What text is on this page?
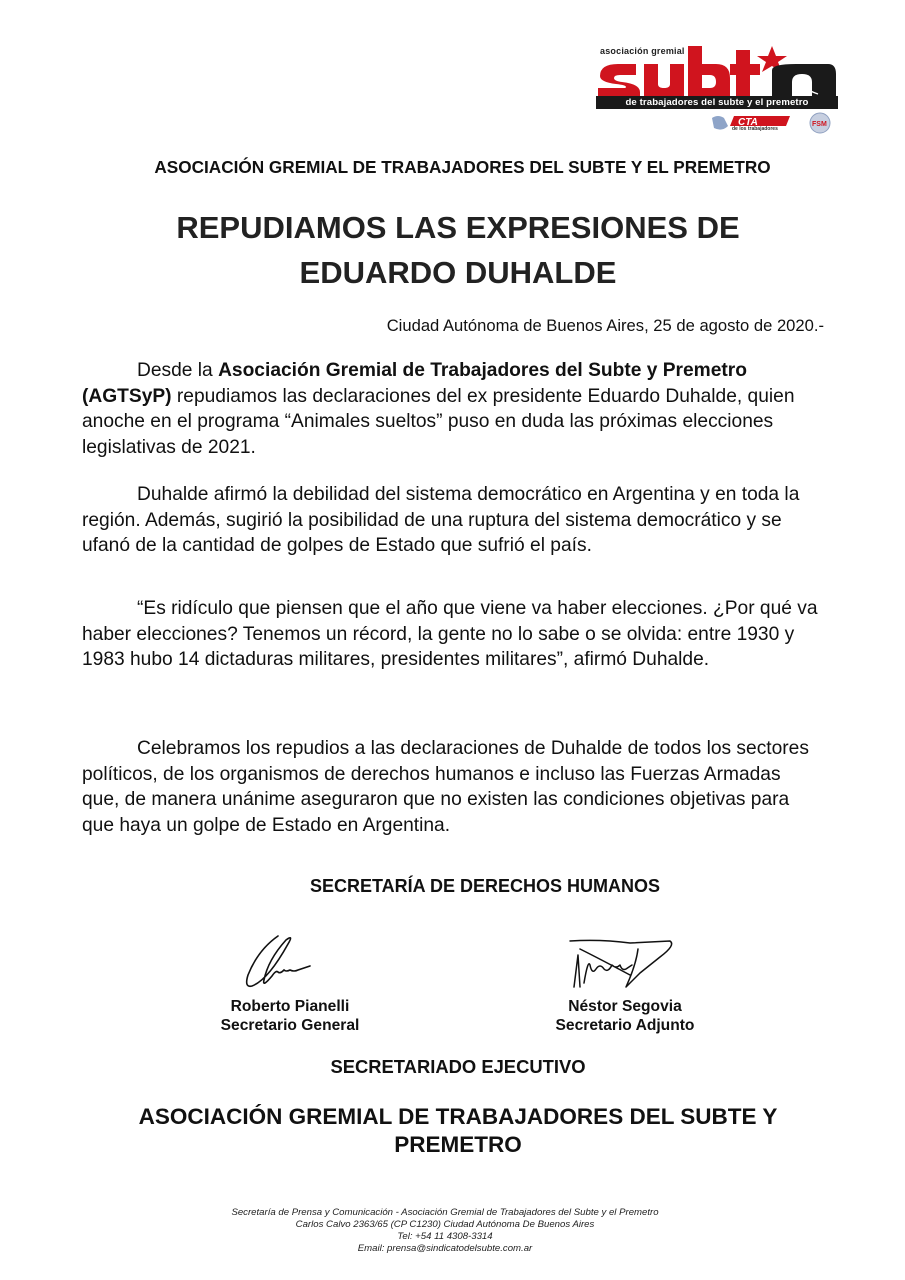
asociación gremial
de trabajadores del subte y el premetro
CTA
de los trabajadores
FSM
ASOCIACIÓN GREMIAL DE TRABAJADORES DEL SUBTE Y EL PREMETRO
REPUDIAMOS LAS EXPRESIONES DE
EDUARDO DUHALDE
Ciudad Autónoma de Buenos Aires, 25 de agosto de 2020.-

Desde la Asociación Gremial de Trabajadores del Subte y Premetro (AGTSyP) repudiamos las declaraciones del ex presidente Eduardo Duhalde, quien anoche en el programa “Animales sueltos” puso en duda las próximas elecciones legislativas de 2021.

Duhalde afirmó la debilidad del sistema democrático en Argentina y en toda la región. Además, sugirió la posibilidad de una ruptura del sistema democrático y se ufanó de la cantidad de golpes de Estado que sufrió el país.

“Es ridículo que piensen que el año que viene va haber elecciones. ¿Por qué va haber elecciones? Tenemos un récord, la gente no lo sabe o se olvida: entre 1930 y 1983 hubo 14 dictaduras militares, presidentes militares”, afirmó Duhalde.

Celebramos los repudios a las declaraciones de Duhalde de todos los sectores políticos, de los organismos de derechos humanos e incluso las Fuerzas Armadas que, de manera unánime aseguraron que no existen las condiciones objetivas para que haya un golpe de Estado en Argentina.

SECRETARÍA DE DERECHOS HUMANOS
Roberto Pianelli
Secretario General
Néstor Segovia
Secretario Adjunto
SECRETARIADO EJECUTIVO
ASOCIACIÓN GREMIAL DE TRABAJADORES DEL SUBTE Y
PREMETRO
Secretaría de Prensa y Comunicación - Asociación Gremial de Trabajadores del Subte y el Premetro
Carlos Calvo 2363/65 (CP C1230) Ciudad Autónoma De Buenos Aires
Tel: +54 11 4308-3314
Email: prensa@sindicatodelsubte.com.ar
